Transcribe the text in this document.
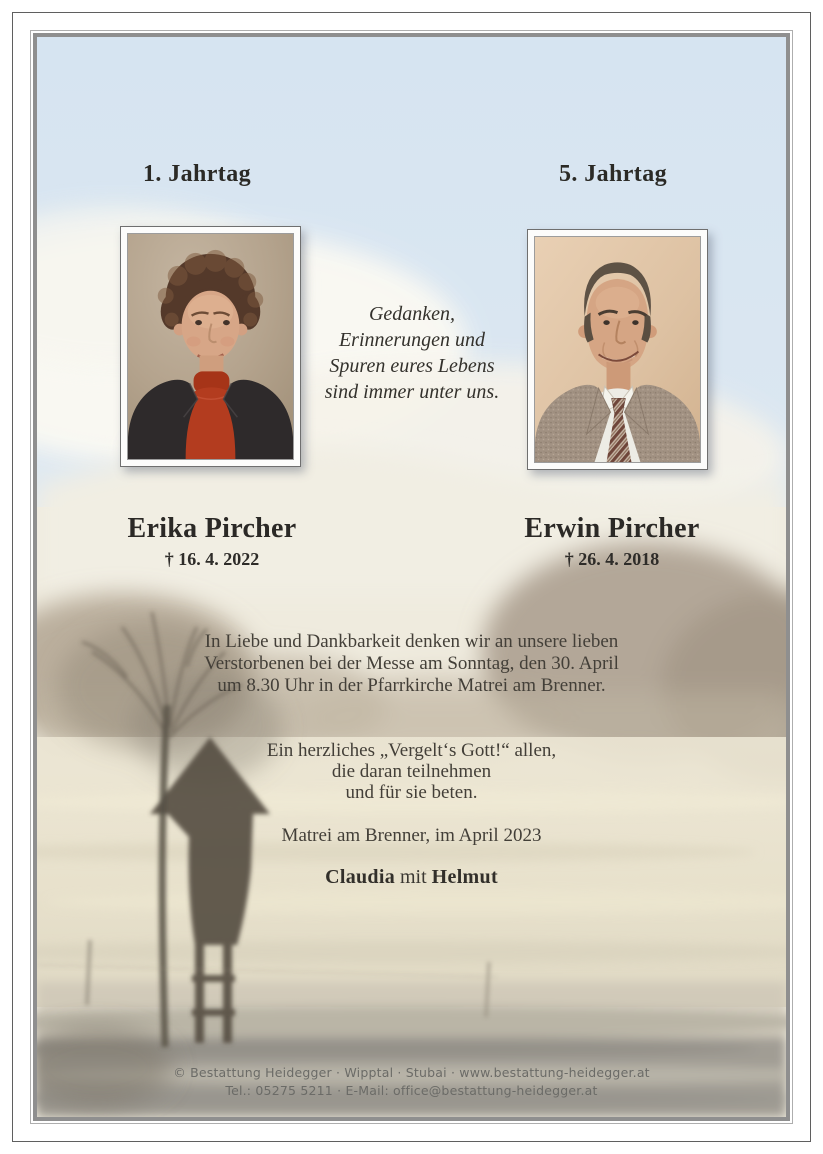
1. Jahrtag	5. Jahrtag
Gedanken,
Erinnerungen und
Spuren eures Lebens
sind immer unter uns.
Erika Pircher
† 16. 4. 2022
Erwin Pircher
† 26. 4. 2018
In Liebe und Dankbarkeit denken wir an unsere lieben
Verstorbenen bei der Messe am Sonntag, den 30. April
um 8.30 Uhr in der Pfarrkirche Matrei am Brenner.
Ein herzliches „Vergelt‘s Gott!“ allen,
die daran teilnehmen
und für sie beten.
Matrei am Brenner, im April 2023
Claudia mit Helmut
© Bestattung Heidegger · Wipptal · Stubai · www.bestattung-heidegger.at
Tel.: 05275 5211 · E-Mail: office@bestattung-heidegger.at
